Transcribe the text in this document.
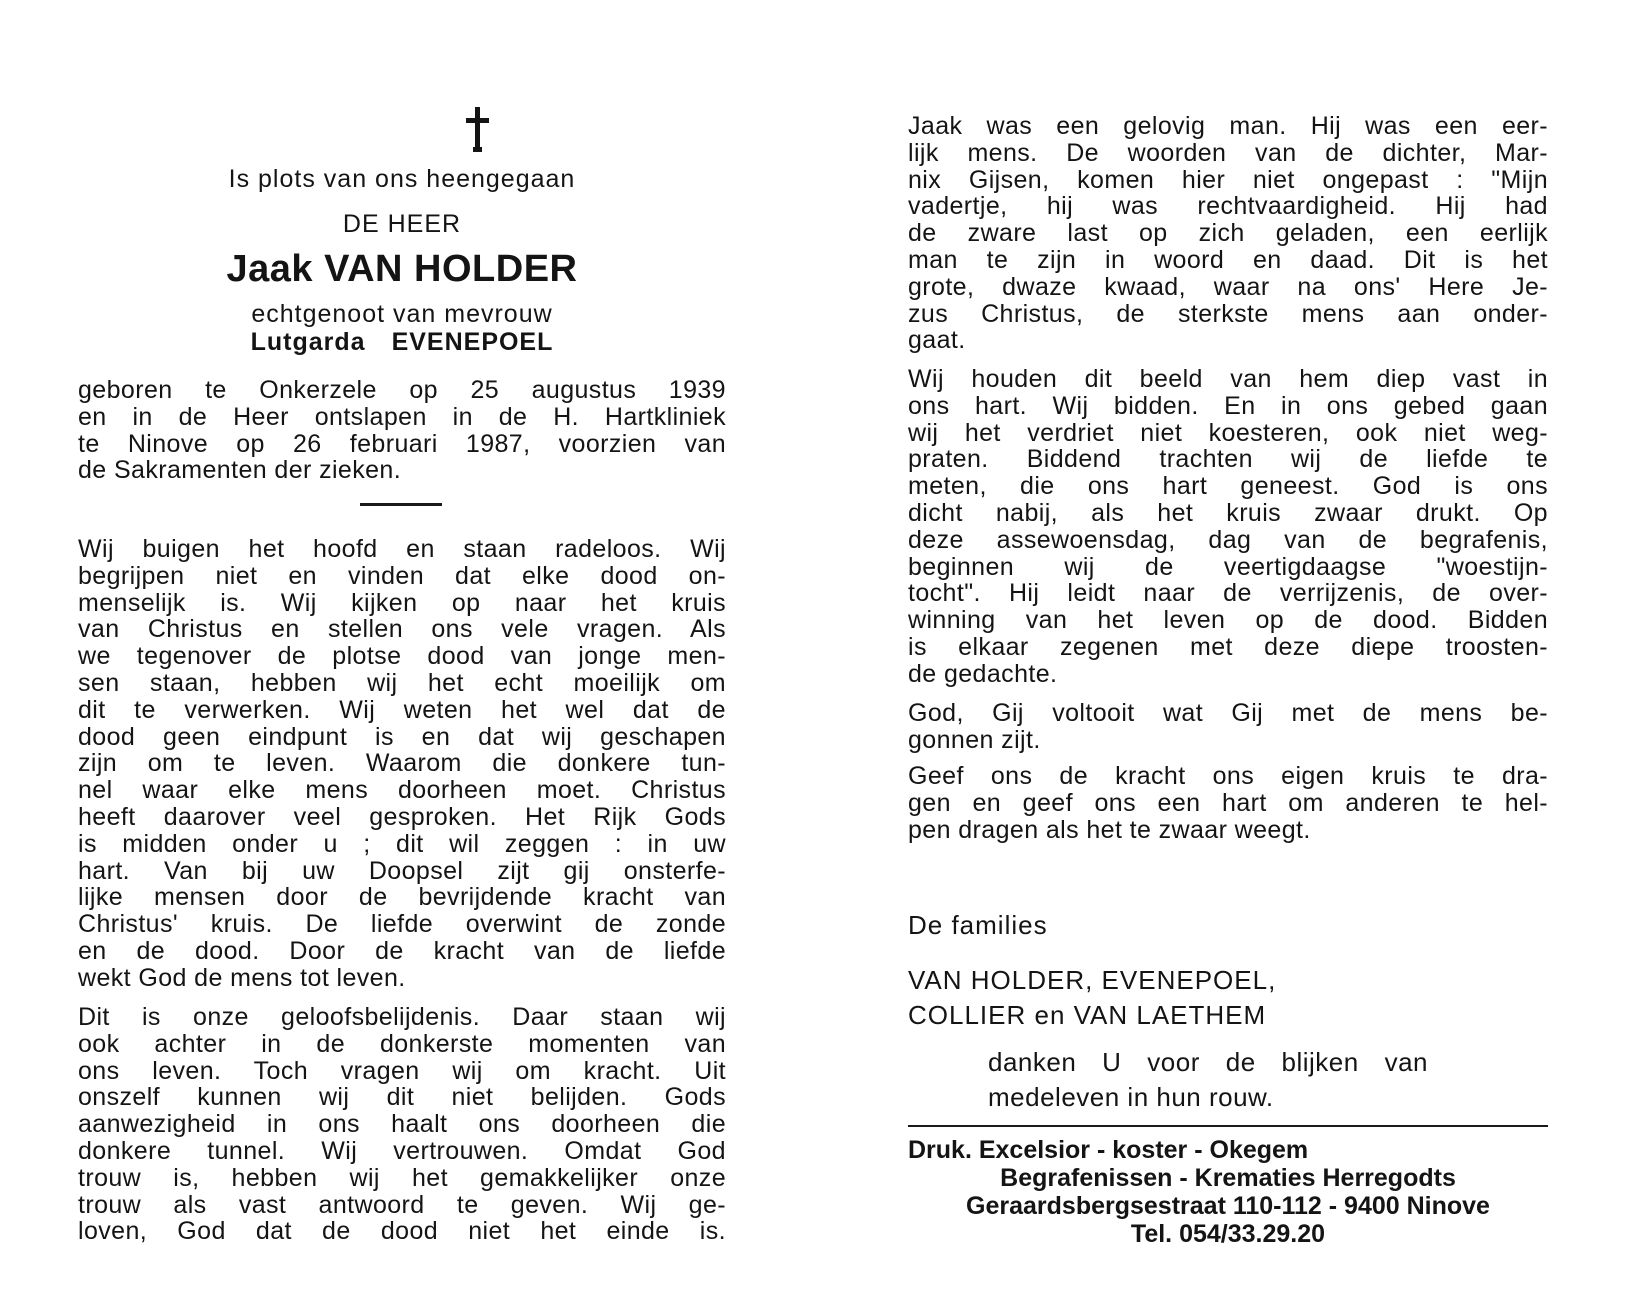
Is plots van ons heengegaan
DE HEER
Jaak VAN HOLDER
echtgenoot van mevrouw
Lutgarda EVENEPOEL
geboren te Onkerzele op 25 augustus 1939
en in de Heer ontslapen in de H. Hartkliniek
te Ninove op 26 februari 1987, voorzien van
de Sakramenten der zieken.
Wij buigen het hoofd en staan radeloos. Wij
begrijpen niet en vinden dat elke dood on-
menselijk is. Wij kijken op naar het kruis
van Christus en stellen ons vele vragen. Als
we tegenover de plotse dood van jonge men-
sen staan, hebben wij het echt moeilijk om
dit te verwerken. Wij weten het wel dat de
dood geen eindpunt is en dat wij geschapen
zijn om te leven. Waarom die donkere tun-
nel waar elke mens doorheen moet. Christus
heeft daarover veel gesproken. Het Rijk Gods
is midden onder u ; dit wil zeggen : in uw
hart. Van bij uw Doopsel zijt gij onsterfe-
lijke mensen door de bevrijdende kracht van
Christus' kruis. De liefde overwint de zonde
en de dood. Door de kracht van de liefde
wekt God de mens tot leven.
Dit is onze geloofsbelijdenis. Daar staan wij
ook achter in de donkerste momenten van
ons leven. Toch vragen wij om kracht. Uit
onszelf kunnen wij dit niet belijden. Gods
aanwezigheid in ons haalt ons doorheen die
donkere tunnel. Wij vertrouwen. Omdat God
trouw is, hebben wij het gemakkelijker onze
trouw als vast antwoord te geven. Wij ge-
loven, God dat de dood niet het einde is.
Jaak was een gelovig man. Hij was een eer-
lijk mens. De woorden van de dichter, Mar-
nix Gijsen, komen hier niet ongepast : "Mijn
vadertje, hij was rechtvaardigheid. Hij had
de zware last op zich geladen, een eerlijk
man te zijn in woord en daad. Dit is het
grote, dwaze kwaad, waar na ons' Here Je-
zus Christus, de sterkste mens aan onder-
gaat.
Wij houden dit beeld van hem diep vast in
ons hart. Wij bidden. En in ons gebed gaan
wij het verdriet niet koesteren, ook niet weg-
praten. Biddend trachten wij de liefde te
meten, die ons hart geneest. God is ons
dicht nabij, als het kruis zwaar drukt. Op
deze assewoensdag, dag van de begrafenis,
beginnen wij de veertigdaagse "woestijn-
tocht". Hij leidt naar de verrijzenis, de over-
winning van het leven op de dood. Bidden
is elkaar zegenen met deze diepe troosten-
de gedachte.
God, Gij voltooit wat Gij met de mens be-
gonnen zijt.
Geef ons de kracht ons eigen kruis te dra-
gen en geef ons een hart om anderen te hel-
pen dragen als het te zwaar weegt.
De families
VAN HOLDER, EVENEPOEL,
COLLIER en VAN LAETHEM
danken U voor de blijken van
medeleven in hun rouw.
Druk. Excelsior - koster - Okegem
Begrafenissen - Krematies Herregodts
Geraardsbergsestraat 110-112 - 9400 Ninove
Tel. 054/33.29.20
